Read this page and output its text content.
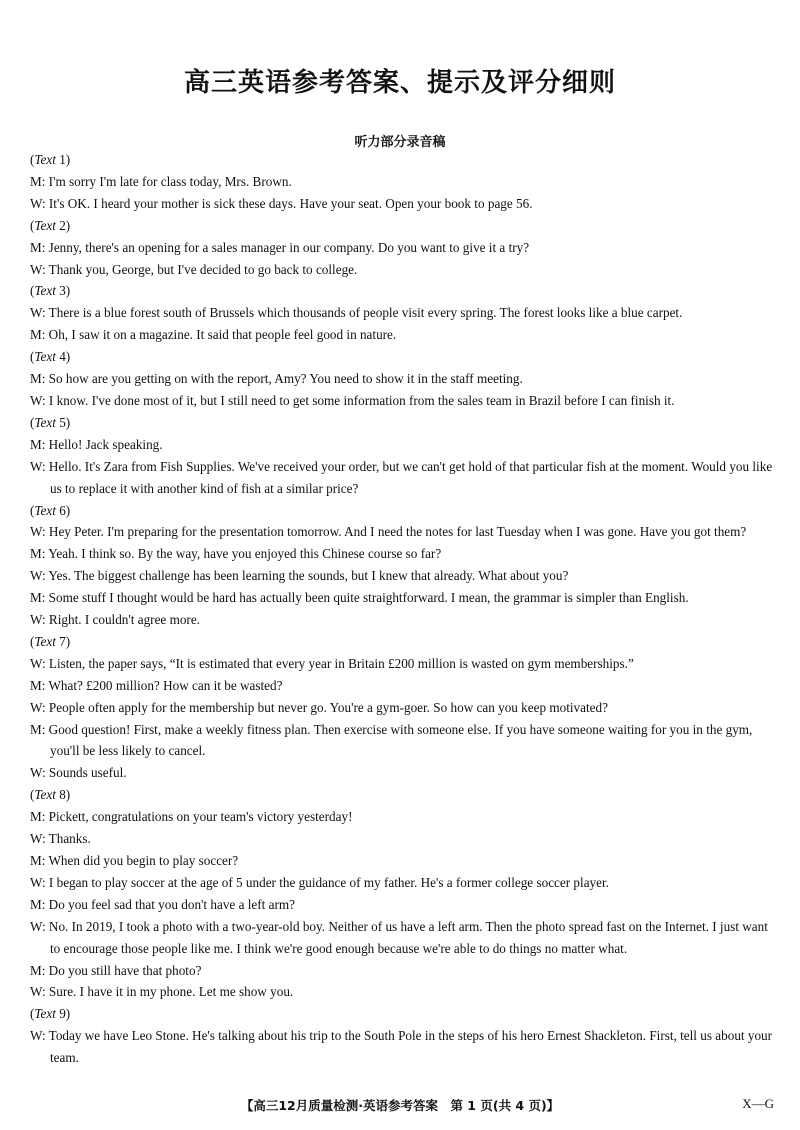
高三英语参考答案、提示及评分细则
听力部分录音稿
(Text 1)
M: I'm sorry I'm late for class today, Mrs. Brown.
W: It's OK. I heard your mother is sick these days. Have your seat. Open your book to page 56.
(Text 2)
M: Jenny, there's an opening for a sales manager in our company. Do you want to give it a try?
W: Thank you, George, but I've decided to go back to college.
(Text 3)
W: There is a blue forest south of Brussels which thousands of people visit every spring. The forest looks like a blue carpet.
M: Oh, I saw it on a magazine. It said that people feel good in nature.
(Text 4)
M: So how are you getting on with the report, Amy? You need to show it in the staff meeting.
W: I know. I've done most of it, but I still need to get some information from the sales team in Brazil before I can finish it.
(Text 5)
M: Hello! Jack speaking.
W: Hello. It's Zara from Fish Supplies. We've received your order, but we can't get hold of that particular fish at the moment. Would you like us to replace it with another kind of fish at a similar price?
(Text 6)
W: Hey Peter. I'm preparing for the presentation tomorrow. And I need the notes for last Tuesday when I was gone. Have you got them?
M: Yeah. I think so. By the way, have you enjoyed this Chinese course so far?
W: Yes. The biggest challenge has been learning the sounds, but I knew that already. What about you?
M: Some stuff I thought would be hard has actually been quite straightforward. I mean, the grammar is simpler than English.
W: Right. I couldn't agree more.
(Text 7)
W: Listen, the paper says, “It is estimated that every year in Britain £200 million is wasted on gym memberships.”
M: What? £200 million? How can it be wasted?
W: People often apply for the membership but never go. You're a gym-goer. So how can you keep motivated?
M: Good question! First, make a weekly fitness plan. Then exercise with someone else. If you have someone waiting for you in the gym, you'll be less likely to cancel.
W: Sounds useful.
(Text 8)
M: Pickett, congratulations on your team's victory yesterday!
W: Thanks.
M: When did you begin to play soccer?
W: I began to play soccer at the age of 5 under the guidance of my father. He's a former college soccer player.
M: Do you feel sad that you don't have a left arm?
W: No. In 2019, I took a photo with a two-year-old boy. Neither of us have a left arm. Then the photo spread fast on the Internet. I just want to encourage those people like me. I think we're good enough because we're able to do things no matter what.
M: Do you still have that photo?
W: Sure. I have it in my phone. Let me show you.
(Text 9)
W: Today we have Leo Stone. He's talking about his trip to the South Pole in the steps of his hero Ernest Shackleton. First, tell us about your team.
【高三12月质量检测·英语参考答案　第 1 页(共 4 页)】	X—G
